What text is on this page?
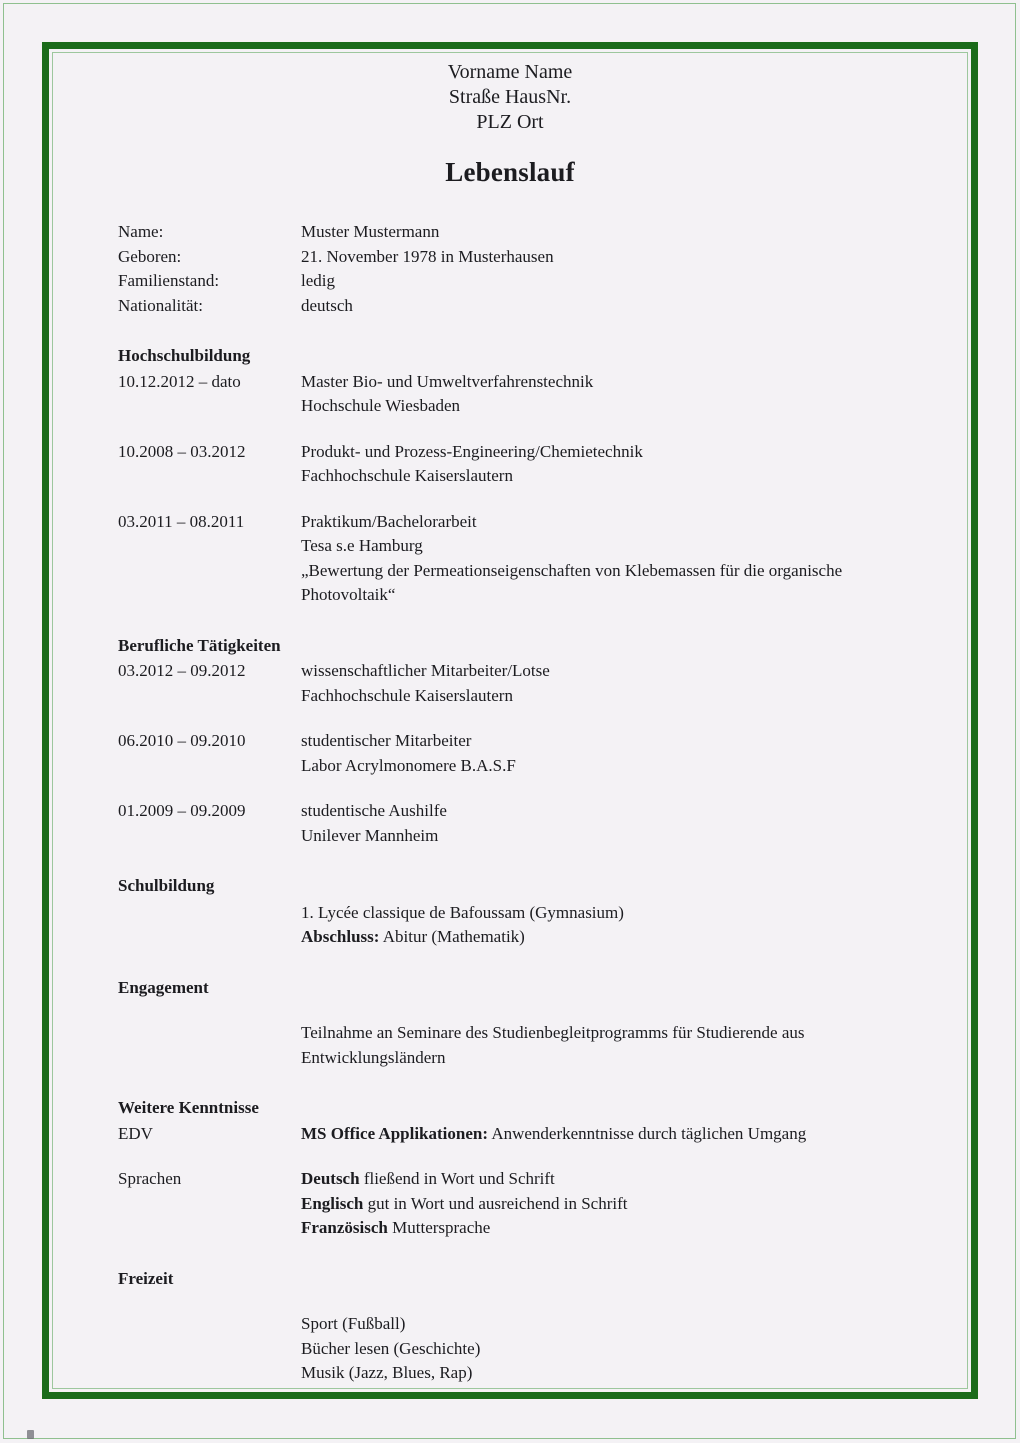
Vorname Name
Straße HausNr.
PLZ Ort
Lebenslauf
Name:	Muster Mustermann
Geboren:	21. November 1978 in Musterhausen
Familienstand:	ledig
Nationalität:	deutsch
Hochschulbildung
10.12.2012 – dato	Master Bio- und Umweltverfahrenstechnik
Hochschule Wiesbaden
10.2008 – 03.2012	Produkt- und Prozess-Engineering/Chemietechnik
Fachhochschule Kaiserslautern
03.2011 – 08.2011	Praktikum/Bachelorarbeit
Tesa s.e Hamburg
„Bewertung der Permeationseigenschaften von Klebemassen für die organische
Photovoltaik“
Berufliche Tätigkeiten
03.2012 – 09.2012	wissenschaftlicher Mitarbeiter/Lotse
Fachhochschule Kaiserslautern
06.2010 – 09.2010	studentischer Mitarbeiter
Labor Acrylmonomere B.A.S.F
01.2009 – 09.2009	studentische Aushilfe
Unilever Mannheim
Schulbildung
1. Lycée classique de Bafoussam (Gymnasium)
Abschluss: Abitur (Mathematik)
Engagement
Teilnahme an Seminare des Studienbegleitprogramms für Studierende aus
Entwicklungsländern
Weitere Kenntnisse
EDV	MS Office Applikationen: Anwenderkenntnisse durch täglichen Umgang
Sprachen	Deutsch fließend in Wort und Schrift
Englisch gut in Wort und ausreichend in Schrift
Französisch Muttersprache
Freizeit
Sport (Fußball)
Bücher lesen (Geschichte)
Musik (Jazz, Blues, Rap)
